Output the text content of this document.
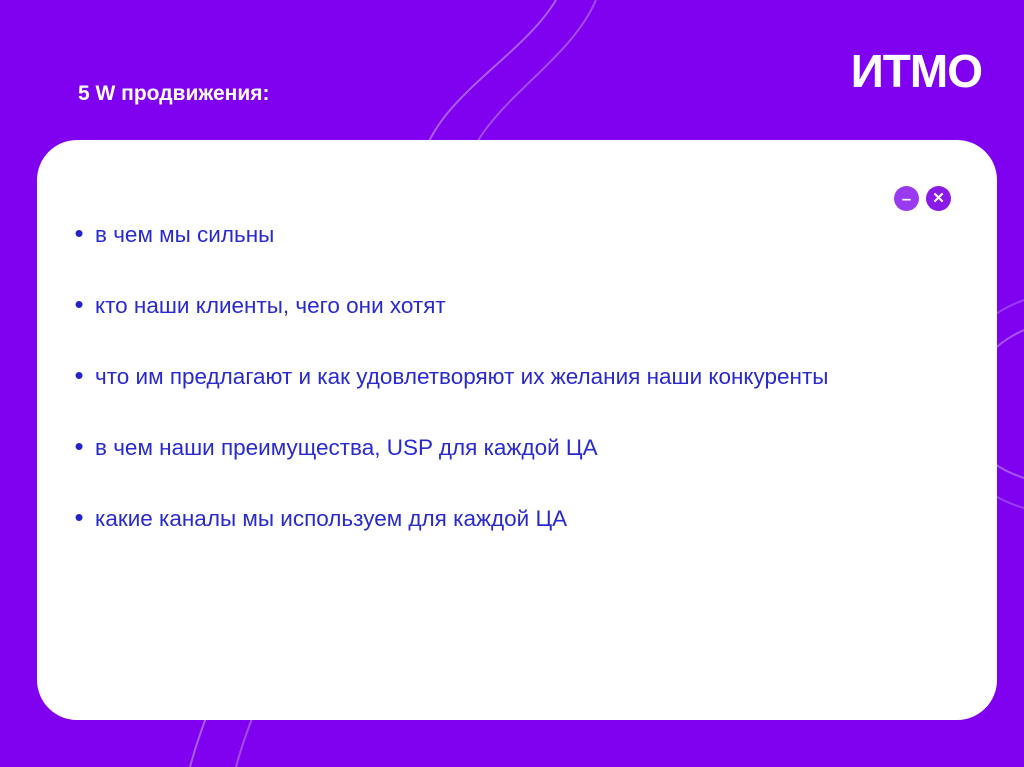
ИТМО
5 W продвижения:
–	✕
• в чем мы сильны
• кто наши клиенты, чего они хотят
• что им предлагают и как удовлетворяют их желания наши конкуренты
• в чем наши преимущества, USP для каждой ЦА
• какие каналы мы используем для каждой ЦА
